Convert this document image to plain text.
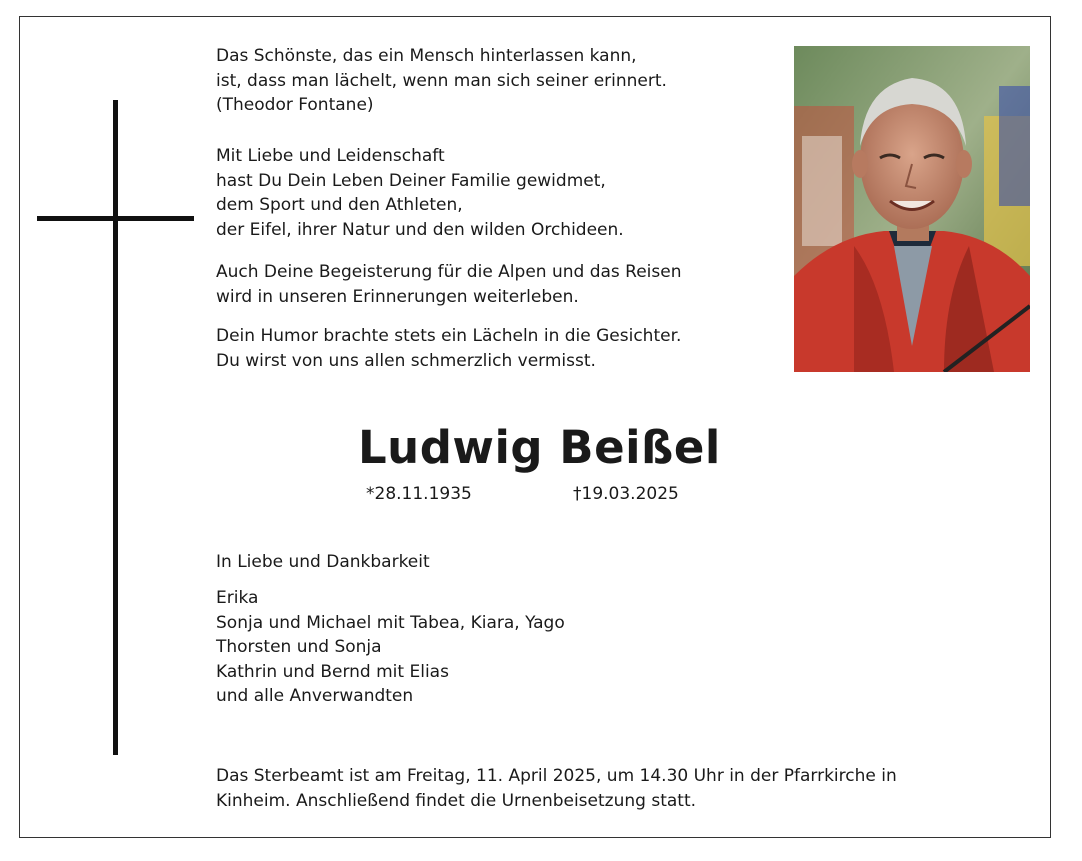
Das Schönste, das ein Mensch hinterlassen kann,
ist, dass man lächelt, wenn man sich seiner erinnert.
(Theodor Fontane)

Mit Liebe und Leidenschaft
hast Du Dein Leben Deiner Familie gewidmet,
dem Sport und den Athleten,
der Eifel, ihrer Natur und den wilden Orchideen.

Auch Deine Begeisterung für die Alpen und das Reisen
wird in unseren Erinnerungen weiterleben.

Dein Humor brachte stets ein Lächeln in die Gesichter.
Du wirst von uns allen schmerzlich vermisst.

Ludwig Beißel
*28.11.1935	†19.03.2025

In Liebe und Dankbarkeit

Erika
Sonja und Michael mit Tabea, Kiara, Yago
Thorsten und Sonja
Kathrin und Bernd mit Elias
und alle Anverwandten

Das Sterbeamt ist am Freitag, 11. April 2025, um 14.30 Uhr in der Pfarrkirche in
Kinheim. Anschließend findet die Urnenbeisetzung statt.
